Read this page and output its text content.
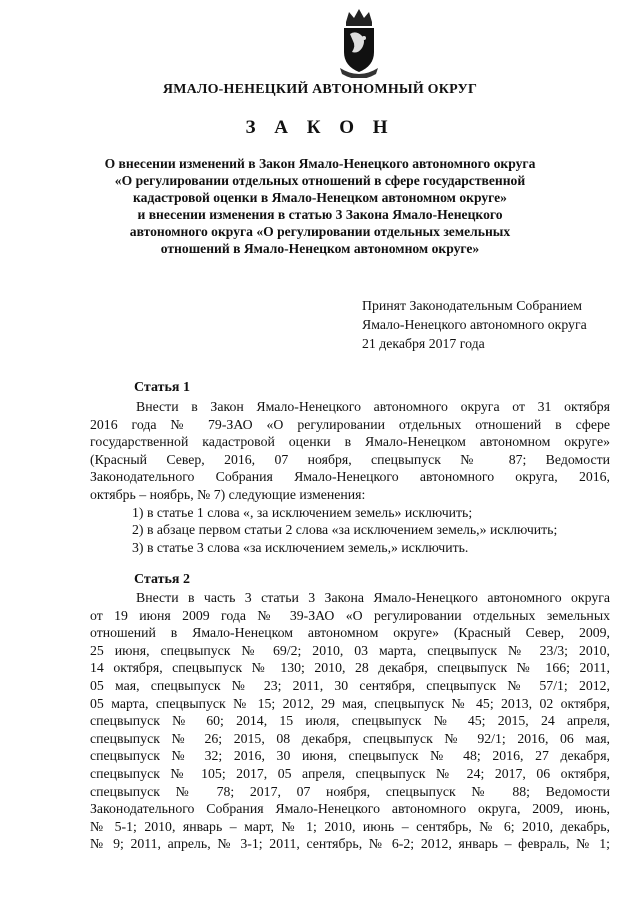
ЯМАЛО-НЕНЕЦКИЙ АВТОНОМНЫЙ ОКРУГ
З А К О Н
О внесении изменений в Закон Ямало-Ненецкого автономного округа
«О регулировании отдельных отношений в сфере государственной
кадастровой оценки в Ямало-Ненецком автономном округе»
и внесении изменения в статью 3 Закона Ямало-Ненецкого
автономного округа «О регулировании отдельных земельных
отношений в Ямало-Ненецком автономном округе»
Принят Законодательным Собранием
Ямало-Ненецкого автономного округа
21 декабря 2017 года
Статья 1
Внести в Закон Ямало-Ненецкого автономного округа от 31 октября
2016 года № 79-ЗАО «О регулировании отдельных отношений в сфере
государственной кадастровой оценки в Ямало-Ненецком автономном округе»
(Красный Север, 2016, 07 ноября, спецвыпуск № 87; Ведомости
Законодательного Собрания Ямало-Ненецкого автономного округа, 2016,
октябрь – ноябрь, № 7) следующие изменения:
1) в статье 1 слова «, за исключением земель» исключить;
2) в абзаце первом статьи 2 слова «за исключением земель,» исключить;
3) в статье 3 слова «за исключением земель,» исключить.
Статья 2
Внести в часть 3 статьи 3 Закона Ямало-Ненецкого автономного округа
от 19 июня 2009 года № 39-ЗАО «О регулировании отдельных земельных
отношений в Ямало-Ненецком автономном округе» (Красный Север, 2009,
25 июня, спецвыпуск № 69/2; 2010, 03 марта, спецвыпуск № 23/3; 2010,
14 октября, спецвыпуск № 130; 2010, 28 декабря, спецвыпуск № 166; 2011,
05 мая, спецвыпуск № 23; 2011, 30 сентября, спецвыпуск № 57/1; 2012,
05 марта, спецвыпуск № 15; 2012, 29 мая, спецвыпуск № 45; 2013, 02 октября,
спецвыпуск № 60; 2014, 15 июля, спецвыпуск № 45; 2015, 24 апреля,
спецвыпуск № 26; 2015, 08 декабря, спецвыпуск № 92/1; 2016, 06 мая,
спецвыпуск № 32; 2016, 30 июня, спецвыпуск № 48; 2016, 27 декабря,
спецвыпуск № 105; 2017, 05 апреля, спецвыпуск № 24; 2017, 06 октября,
спецвыпуск № 78; 2017, 07 ноября, спецвыпуск № 88; Ведомости
Законодательного Собрания Ямало-Ненецкого автономного округа, 2009, июнь,
№ 5-1; 2010, январь – март, № 1; 2010, июнь – сентябрь, № 6; 2010, декабрь,
№ 9; 2011, апрель, № 3-1; 2011, сентябрь, № 6-2; 2012, январь – февраль, № 1;
